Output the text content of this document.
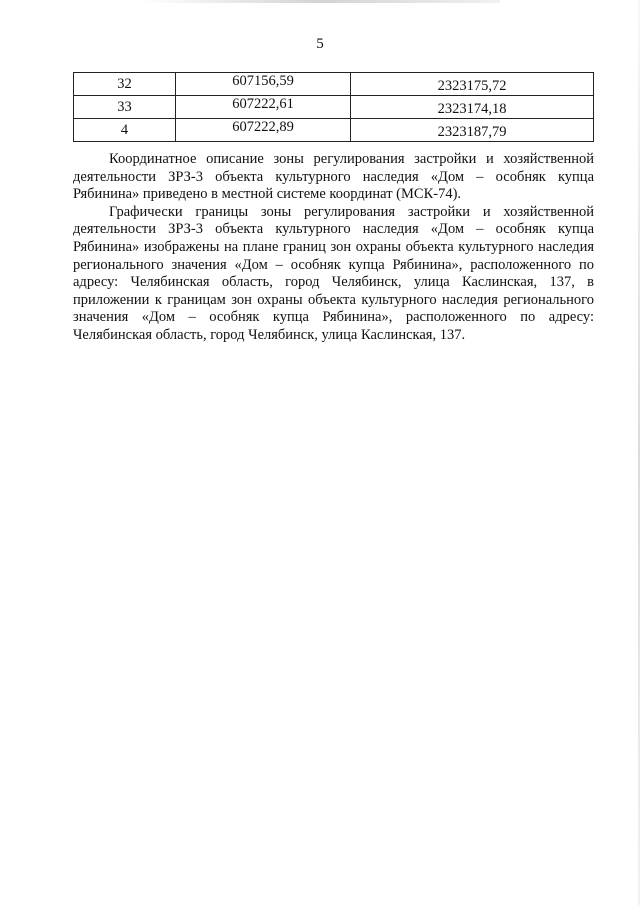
5
32	607156,59	2323175,72
33	607222,61	2323174,18
4	607222,89	2323187,79

Координатное описание зоны регулирования застройки и хозяйственной деятельности ЗРЗ-3 объекта культурного наследия «Дом – особняк купца Рябинина» приведено в местной системе координат (МСК-74).

Графически границы зоны регулирования застройки и хозяйственной деятельности ЗРЗ-3 объекта культурного наследия «Дом – особняк купца Рябинина» изображены на плане границ зон охраны объекта культурного наследия регионального значения «Дом – особняк купца Рябинина», расположенного по адресу: Челябинская область, город Челябинск, улица Каслинская, 137, в приложении к границам зон охраны объекта культурного наследия регионального значения «Дом – особняк купца Рябинина», расположенного по адресу: Челябинская область, город Челябинск, улица Каслинская, 137.
